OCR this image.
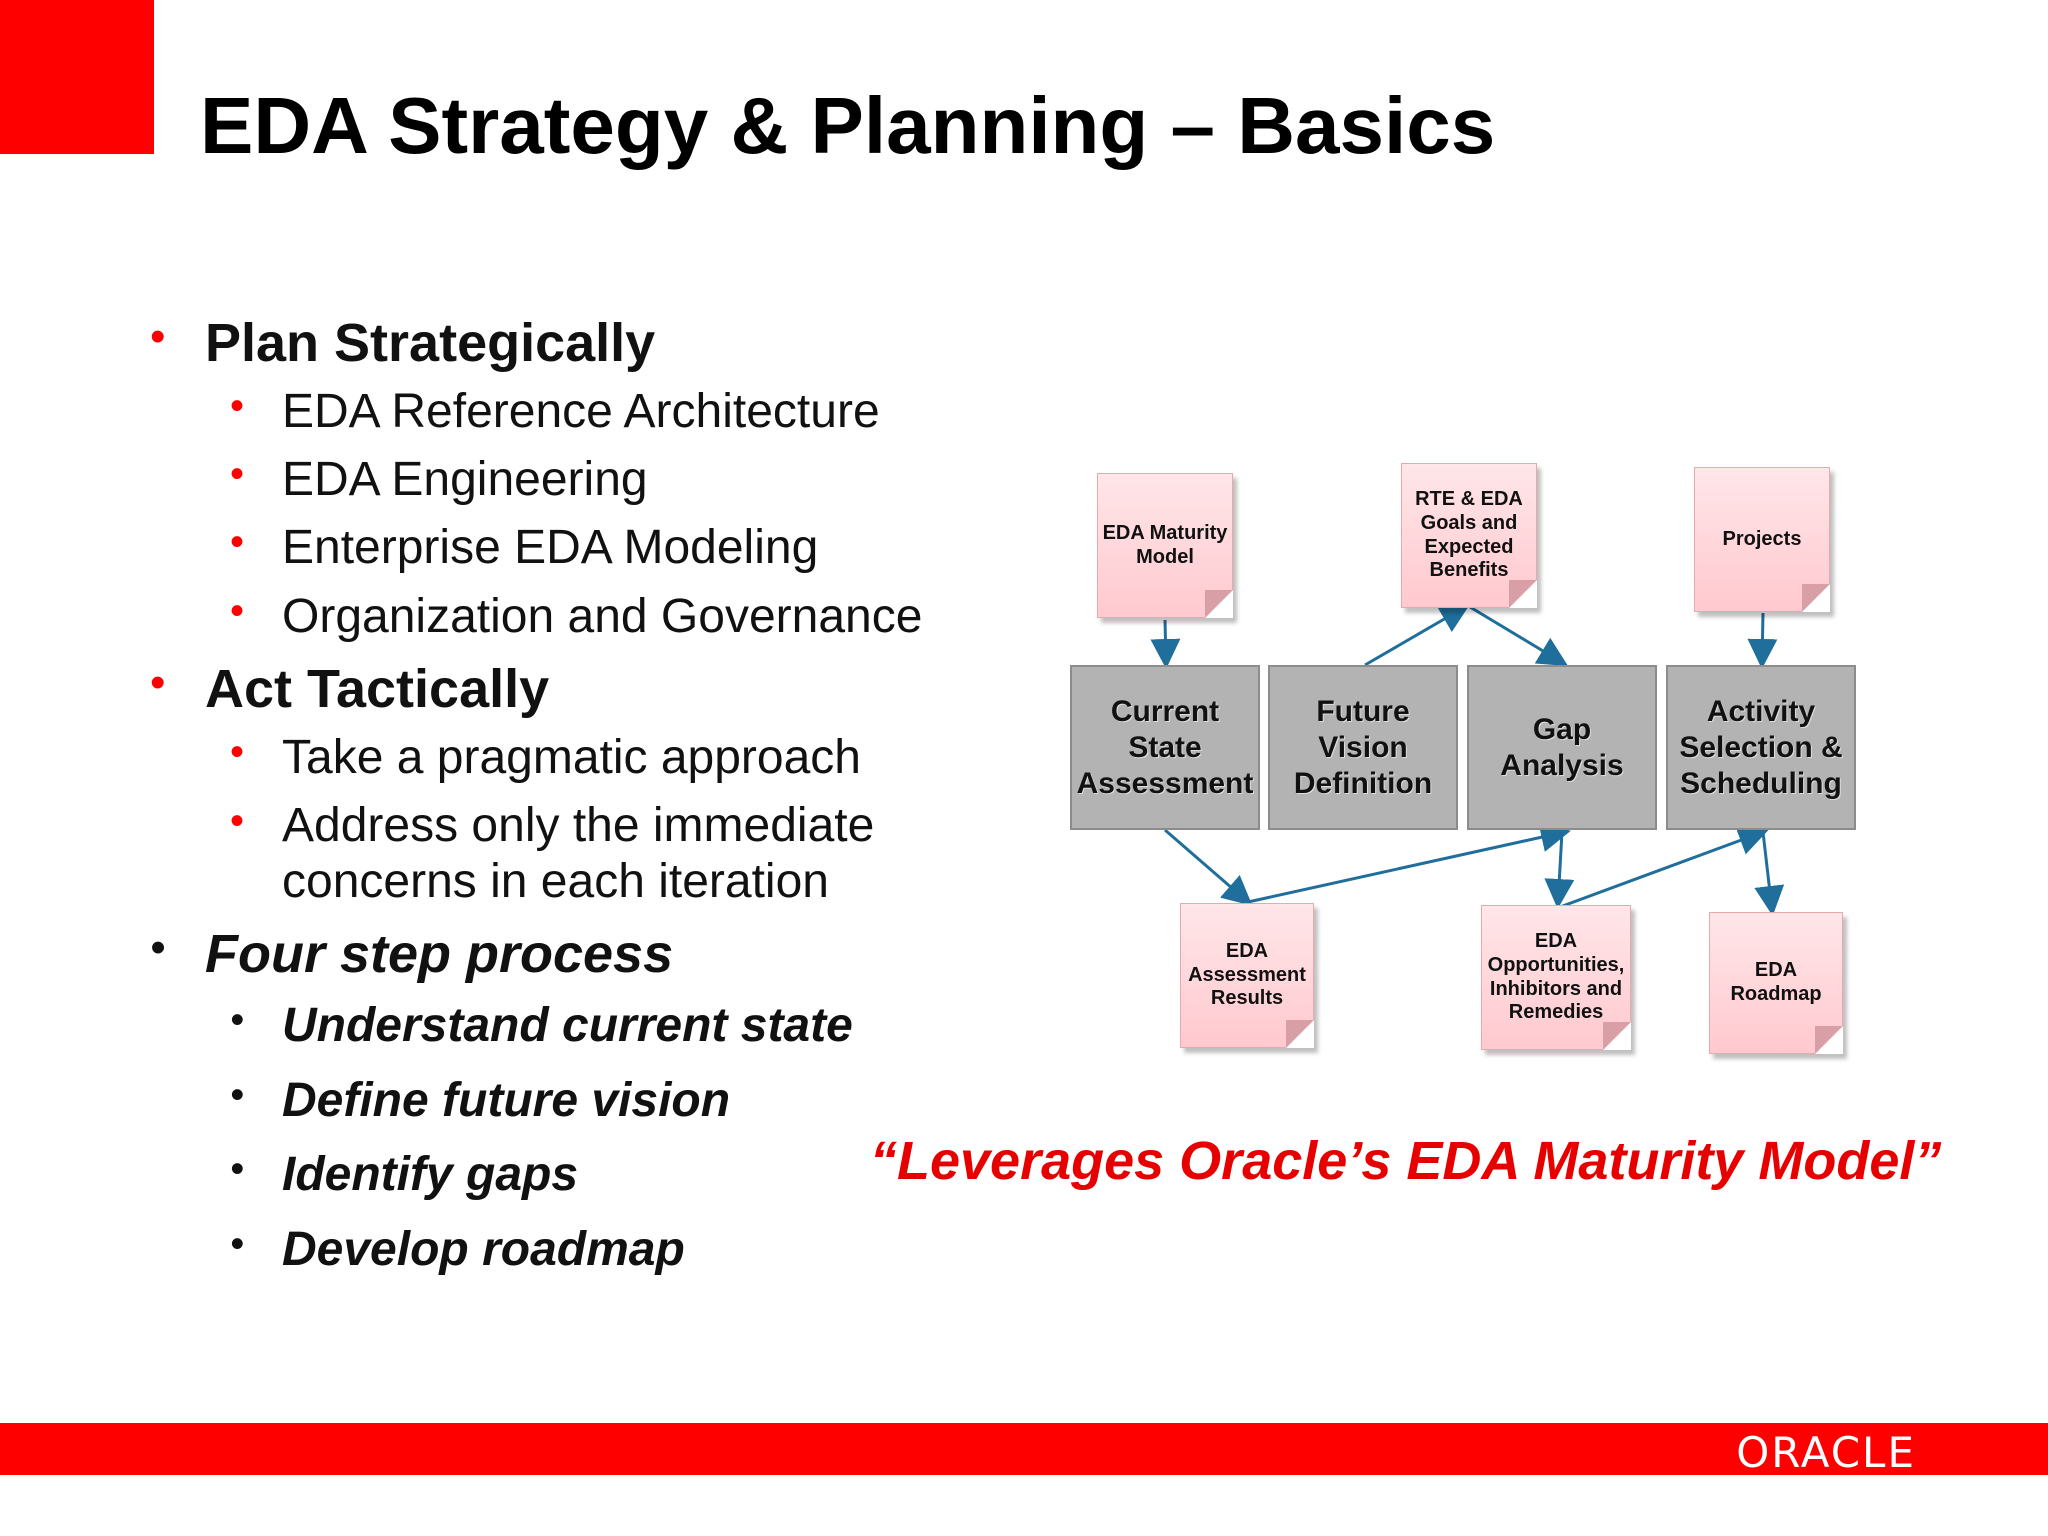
EDA Strategy & Planning – Basics
• Plan Strategically
• EDA Reference Architecture
• EDA Engineering
• Enterprise EDA Modeling
• Organization and Governance
• Act Tactically
• Take a pragmatic approach
• Address only the immediate concerns in each iteration
• Four step process
• Understand current state
• Define future vision
• Identify gaps
• Develop roadmap
EDA Maturity Model
RTE & EDA Goals and Expected Benefits
Projects
Current State Assessment
Future Vision Definition
Gap Analysis
Activity Selection & Scheduling
EDA Assessment Results
EDA Opportunities, Inhibitors and Remedies
EDA Roadmap
“Leverages Oracle’s EDA Maturity Model”
ORACLE
